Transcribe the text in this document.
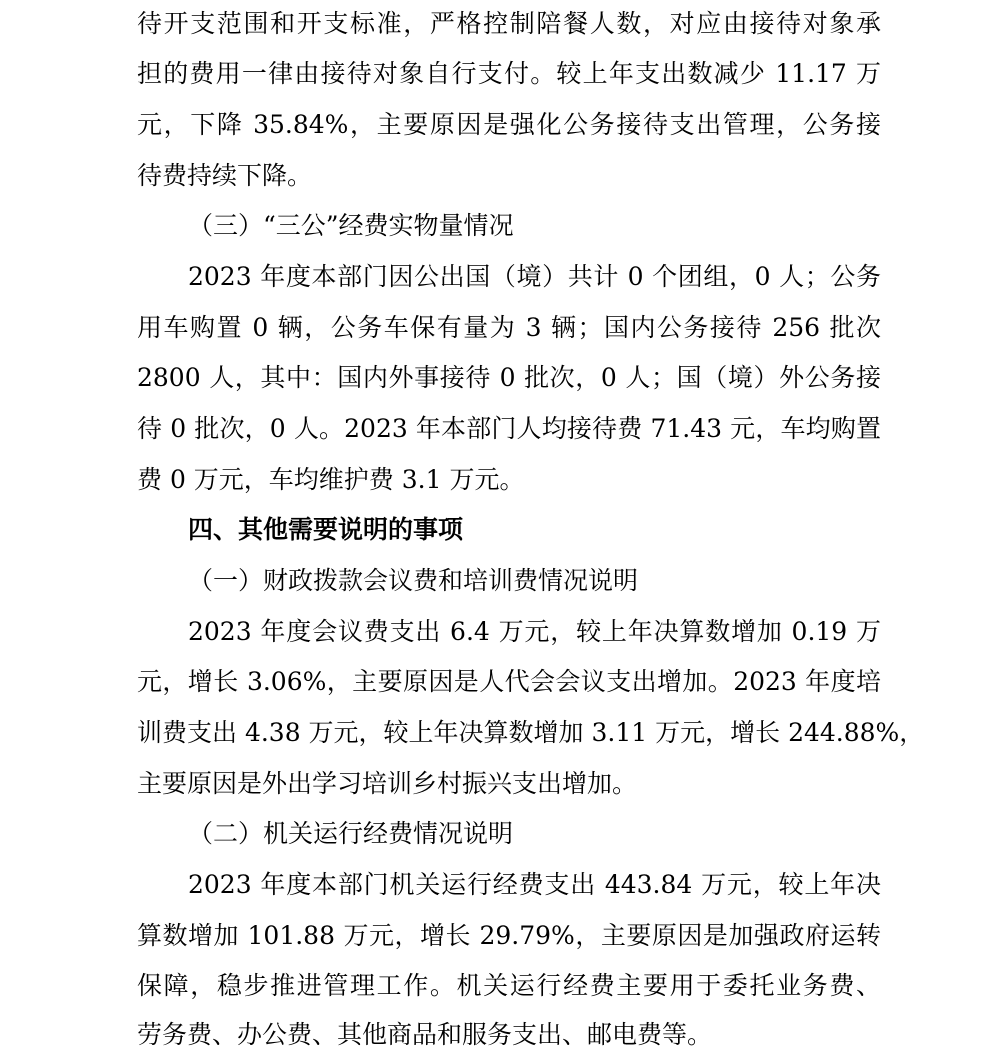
待开支范围和开支标准，严格控制陪餐人数，对应由接待对象承
担的费用一律由接待对象自行支付。较上年支出数减少 11.17 万
元，下降 35.84%，主要原因是强化公务接待支出管理，公务接
待费持续下降。
（三）“三公”经费实物量情况
2023 年度本部门因公出国（境）共计 0 个团组，0 人；公务
用车购置 0 辆，公务车保有量为 3 辆；国内公务接待 256 批次
2800 人，其中：国内外事接待 0 批次，0 人；国（境）外公务接
待 0 批次，0 人。2023 年本部门人均接待费 71.43 元，车均购置
费 0 万元，车均维护费 3.1 万元。
四、其他需要说明的事项
（一）财政拨款会议费和培训费情况说明
2023 年度会议费支出 6.4 万元，较上年决算数增加 0.19 万
元，增长 3.06%，主要原因是人代会会议支出增加。2023 年度培
训费支出 4.38 万元，较上年决算数增加 3.11 万元，增长 244.88%，
主要原因是外出学习培训乡村振兴支出增加。
（二）机关运行经费情况说明
2023 年度本部门机关运行经费支出 443.84 万元，较上年决
算数增加 101.88 万元，增长 29.79%，主要原因是加强政府运转
保障，稳步推进管理工作。机关运行经费主要用于委托业务费、
劳务费、办公费、其他商品和服务支出、邮电费等。
